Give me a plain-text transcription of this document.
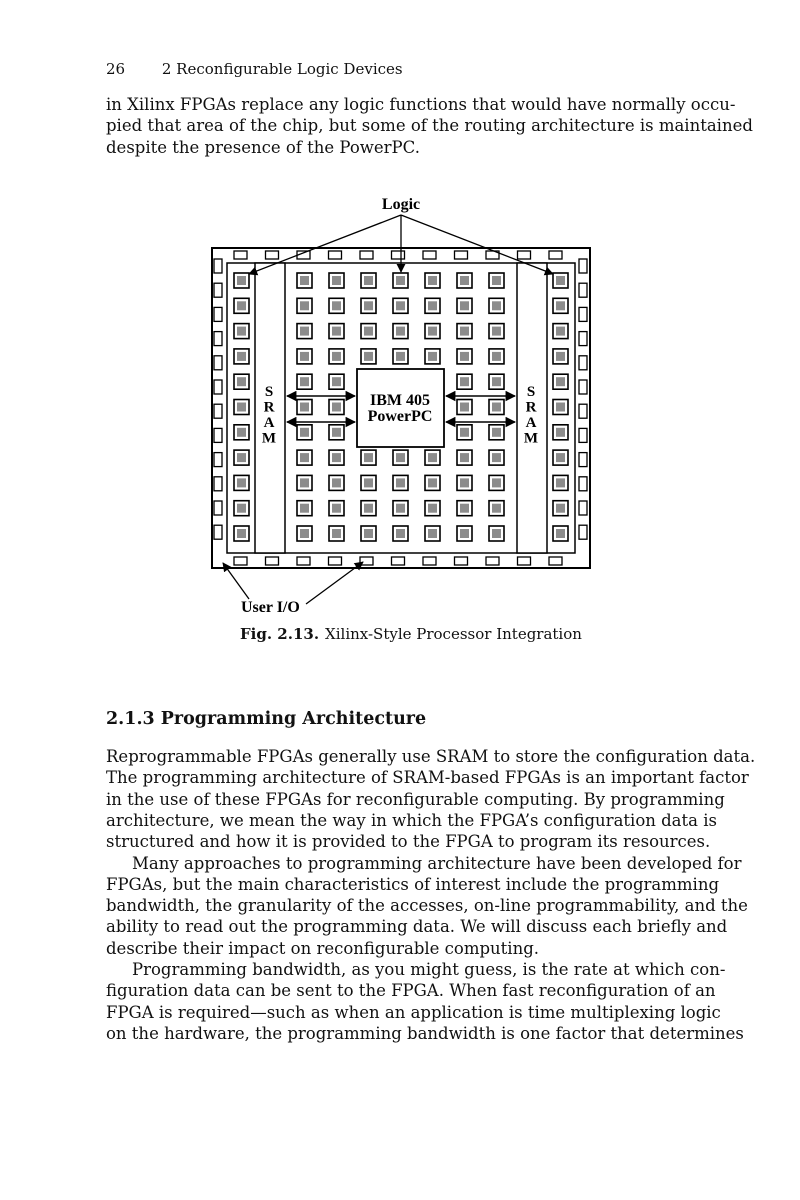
26 2 Reconfigurable Logic Devices
in Xilinx FPGAs replace any logic functions that would have normally occu-
pied that area of the chip, but some of the routing architecture is maintained
despite the presence of the PowerPC.
IBM 405
PowerPC
S R A M
S R A M
Logic
User I/O
Fig. 2.13. Xilinx-Style Processor Integration
2.1.3 Programming Architecture
Reprogrammable FPGAs generally use SRAM to store the configuration data.
The programming architecture of SRAM-based FPGAs is an important factor
in the use of these FPGAs for reconfigurable computing. By programming
architecture, we mean the way in which the FPGA’s configuration data is
structured and how it is provided to the FPGA to program its resources.
Many approaches to programming architecture have been developed for
FPGAs, but the main characteristics of interest include the programming
bandwidth, the granularity of the accesses, on-line programmability, and the
ability to read out the programming data. We will discuss each briefly and
describe their impact on reconfigurable computing.
Programming bandwidth, as you might guess, is the rate at which con-
figuration data can be sent to the FPGA. When fast reconfiguration of an
FPGA is required—such as when an application is time multiplexing logic
on the hardware, the programming bandwidth is one factor that determines
